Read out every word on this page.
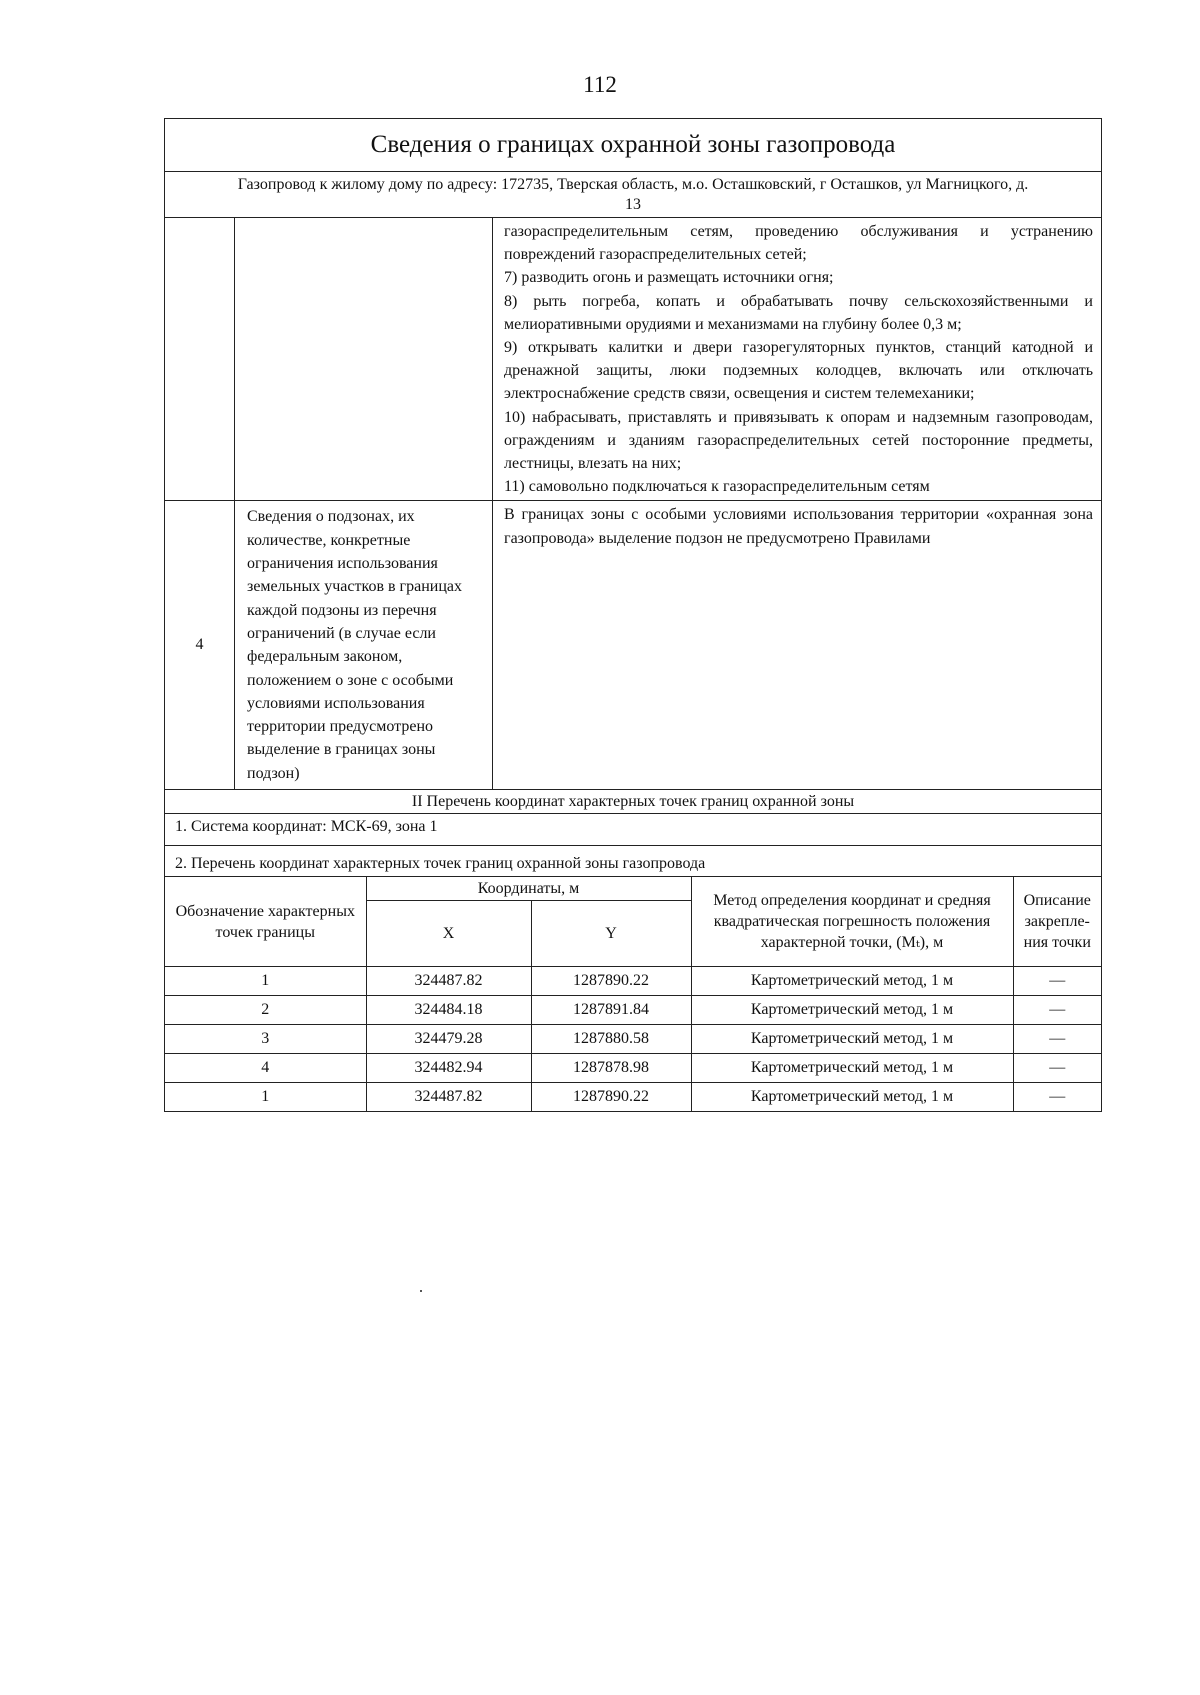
112
Сведения о границах охранной зоны газопровода
Газопровод к жилому дому по адресу: 172735, Тверская область, м.о. Осташковский, г Осташков, ул Магницкого, д. 13

газораспределительным сетям, проведению обслуживания и устранению повреждений газораспределительных сетей;

7) разводить огонь и размещать источники огня;

8) рыть погреба, копать и обрабатывать почву сельскохозяйственными и мелиоративными орудиями и механизмами на глубину более 0,3 м;

9) открывать калитки и двери газорегуляторных пунктов, станций катодной и дренажной защиты, люки подземных колодцев, включать или отключать электроснабжение средств связи, освещения и систем телемеханики;

10) набрасывать, приставлять и привязывать к опорам и надземным газопроводам, ограждениям и зданиям газораспределительных сетей посторонние предметы, лестницы, влезать на них;

11) самовольно подключаться к газораспределительным сетям

4
Сведения о подзонах, их количестве, конкретные ограничения использования земельных участков в границах каждой подзоны из перечня ограничений (в случае если федеральным законом, положением о зоне с особыми условиями использования территории предусмотрено выделение в границах зоны подзон)
В границах зоны с особыми условиями использования территории «охранная зона газопровода» выделение подзон не предусмотрено Правилами
II Перечень координат характерных точек границ охранной зоны
1. Система координат: МСК-69, зона 1
2. Перечень координат характерных точек границ охранной зоны газопровода
Обозначение характерных точек границы	Координаты, м		Метод определения координат и средняя квадратическая погрешность положения характерной точки, (Mₜ), м	Описание закрепле-ния точки
	X	Y		
1	324487.82	1287890.22	Картометрический метод, 1 м	—
2	324484.18	1287891.84	Картометрический метод, 1 м	—
3	324479.28	1287880.58	Картометрический метод, 1 м	—
4	324482.94	1287878.98	Картометрический метод, 1 м	—
1	324487.82	1287890.22	Картометрический метод, 1 м	—
